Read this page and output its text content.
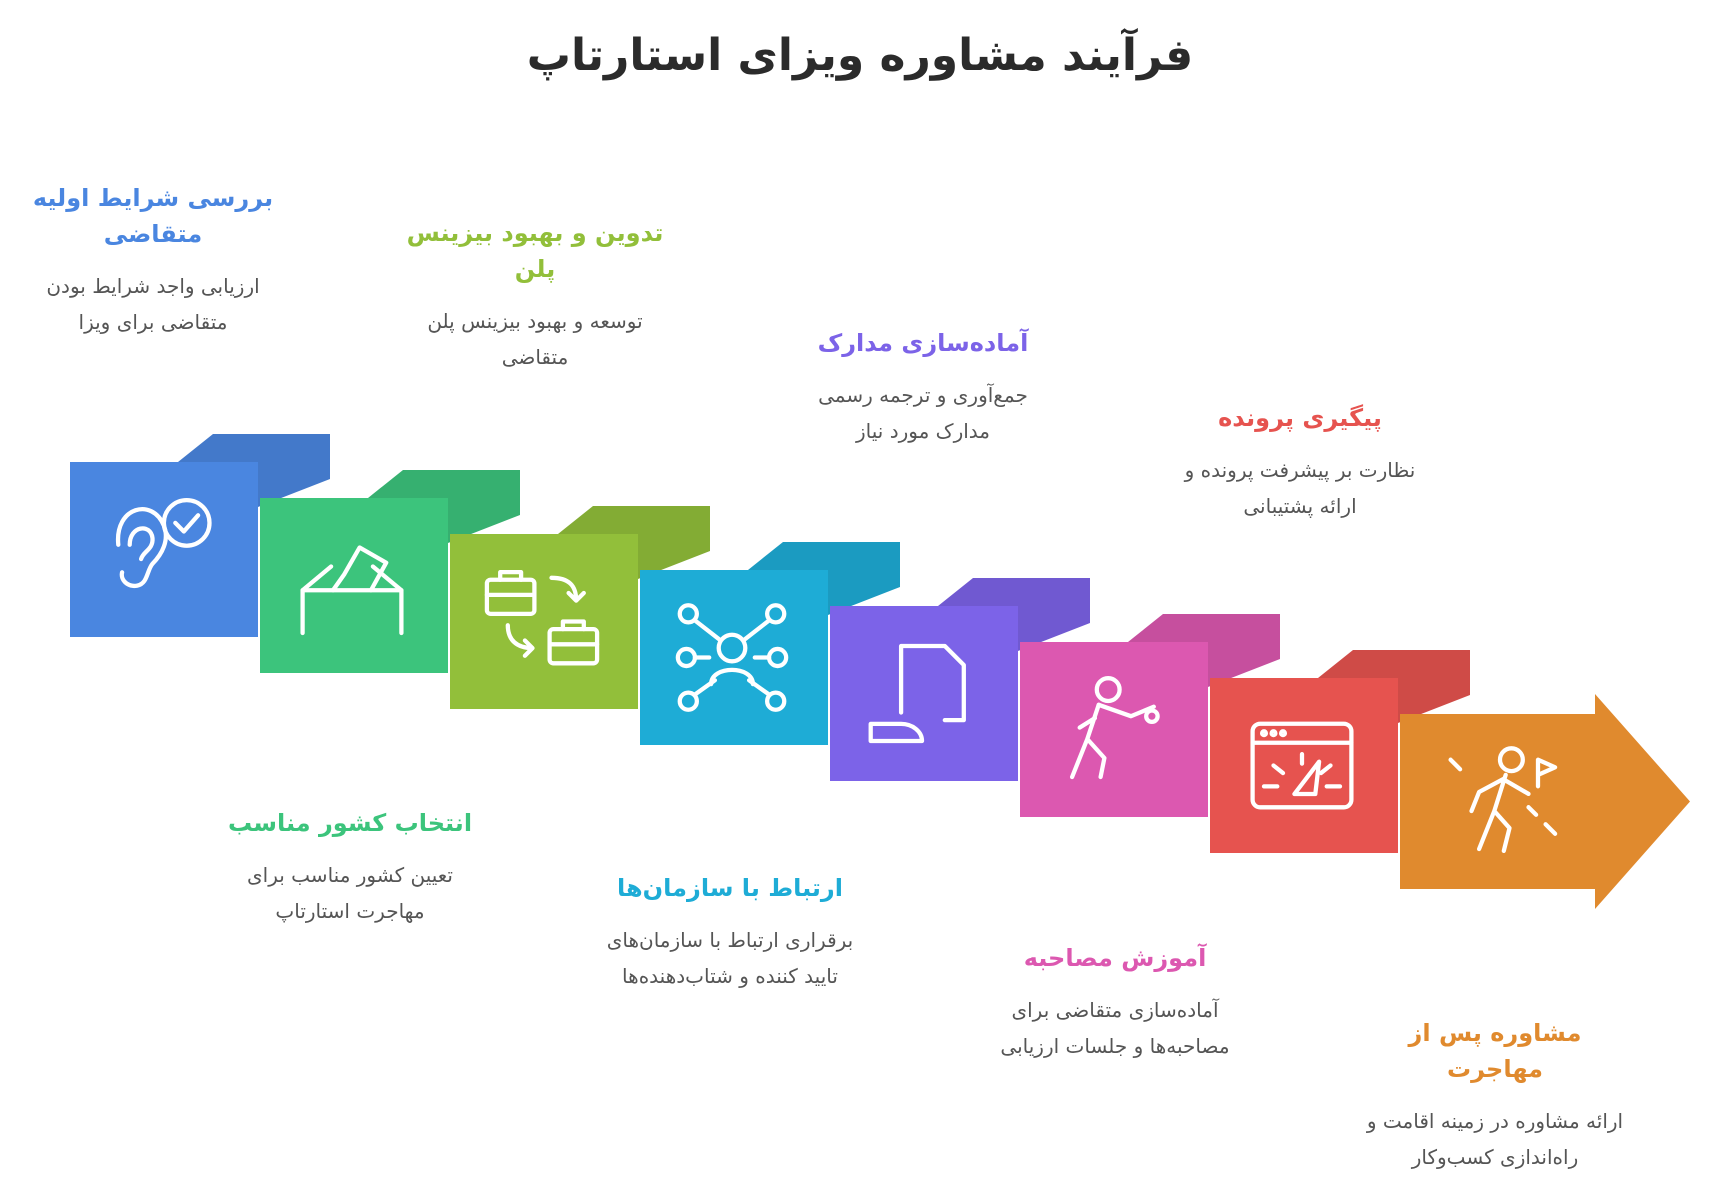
فرآیند مشاوره ویزای استارتاپ
بررسی شرایط اولیه متقاضی
ارزیابی واجد شرایط بودن متقاضی برای ویزا
انتخاب کشور مناسب
تعیین کشور مناسب برای مهاجرت استارتاپ
تدوین و بهبود بیزینس پلن
توسعه و بهبود بیزینس پلن متقاضی
ارتباط با سازمان‌ها
برقراری ارتباط با سازمان‌های تایید کننده و شتاب‌دهنده‌ها
آماده‌سازی مدارک
جمع‌آوری و ترجمه رسمی مدارک مورد نیاز
آموزش مصاحبه
آماده‌سازی متقاضی برای مصاحبه‌ها و جلسات ارزیابی
پیگیری پرونده
نظارت بر پیشرفت پرونده و ارائه پشتیبانی
مشاوره پس از مهاجرت
ارائه مشاوره در زمینه اقامت و راه‌اندازی کسب‌وکار
